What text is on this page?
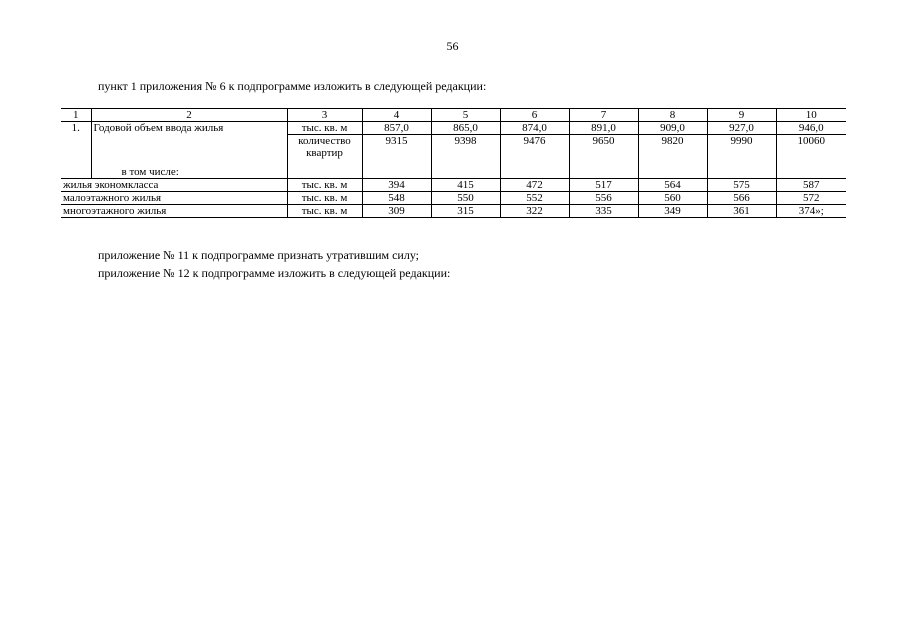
56
пункт 1 приложения № 6 к подпрограмме изложить в следующей редакции:
1	2	3	4	5	6	7	8	9	10
1.	Годовой объем ввода жилья	тыс. кв. м	857,0	865,0	874,0	891,0	909,0	927,0	946,0
	в том числе:	количество квартир	9315	9398	9476	9650	9820	9990	10060
жилья экономкласса		тыс. кв. м	394	415	472	517	564	575	587
малоэтажного жилья		тыс. кв. м	548	550	552	556	560	566	572
многоэтажного жилья		тыс. кв. м	309	315	322	335	349	361	374»;
приложение № 11 к подпрограмме признать утратившим силу;
приложение № 12 к подпрограмме изложить в следующей редакции:
